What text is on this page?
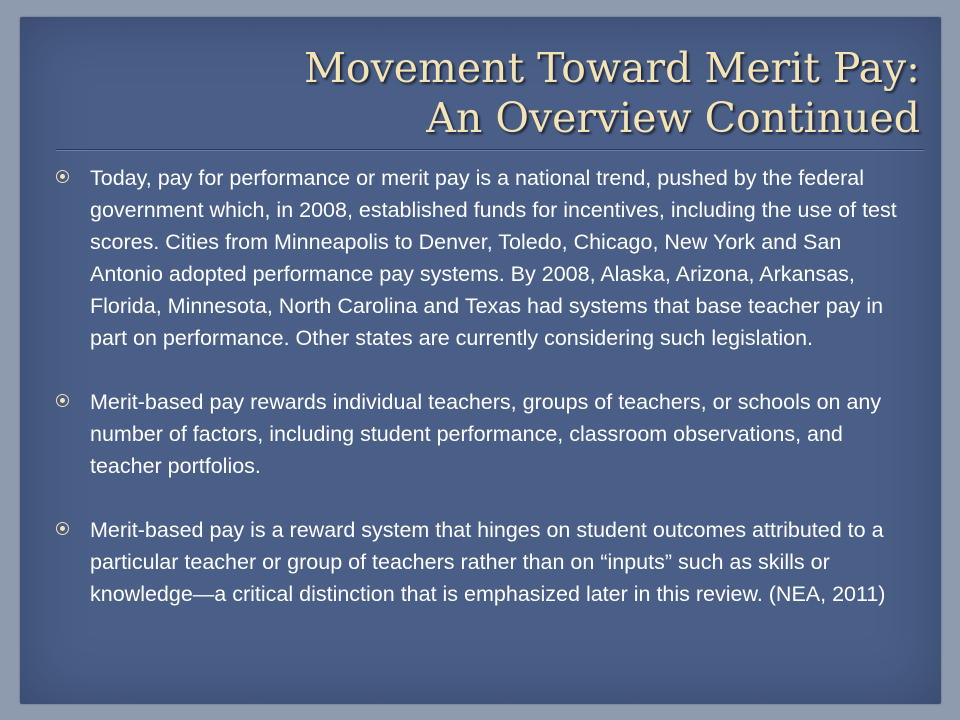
Movement Toward Merit Pay:
An Overview Continued

Today, pay for performance or merit pay is a national trend, pushed by the federal government which, in 2008, established funds for incentives, including the use of test scores. Cities from Minneapolis to Denver, Toledo, Chicago, New York and San Antonio adopted performance pay systems. By 2008, Alaska, Arizona, Arkansas, Florida, Minnesota, North Carolina and Texas had systems that base teacher pay in part on performance. Other states are currently considering such legislation.

Merit-based pay rewards individual teachers, groups of teachers, or schools on any number of factors, including student performance, classroom observations, and teacher portfolios.

Merit-based pay is a reward system that hinges on student outcomes attributed to a particular teacher or group of teachers rather than on “inputs” such as skills or knowledge—a critical distinction that is emphasized later in this review. (NEA, 2011)
